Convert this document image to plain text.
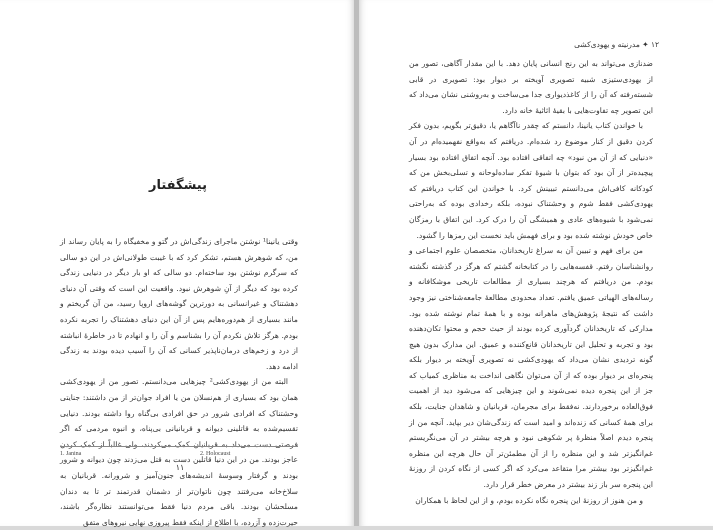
پیشگفتار

وقتی یانینا¹ نوشتن ماجرای زندگی‌اش در گتو و مخفیگاه را به پایان رساند از من، که شوهرش هستم، تشکر کرد که با غیبت طولانی‌اش در این دو سالی که سرگرم نوشتن بود ساخته‌ام. دو سالی که او بار دیگر در دنیایی زندگی کرده بود که دیگر از آنِ شوهرش نبود. واقعیت این است که وقتی آن دنیای دهشتناک و غیرانسانی به دورترین گوشه‌های اروپا رسید، من آن گریختم و مانند بسیاری از هم‌دوره‌هایم پس از آن این دنیای دهشتناک را تجربه نکرده بودم. هرگز تلاش نکردم آن را بشناسم و آن را و انهادم تا در خاطرهٔ انباشته از درد و زخم‌های درمان‌ناپذیر کسانی که آن را آسیب دیده بودند به زندگی ادامه دهد.

البته من از یهودی‌کشی² چیزهایی می‌دانستم. تصور من از یهودی‌کشی همان بود که بسیاری از هم‌نسلان من یا افراد جوان‌تر از من داشتند: جنایتی وحشتناک که افرادی شرور در حق افرادی بی‌گناه روا داشته بودند. دنیایی تقسیم‌شده به قاتلینی دیوانه و قربانیانی بی‌پناه، و انبوه مردمی که اگر فرصتی دست می‌داد به قربانیان کمک می‌کردند، ولی غالباً از کمک کردن عاجز بودند. من در این دنیا قاتلین دست به قتل می‌زدند چون دیوانه و شرور بودند و گرفتار وسوسهٔ اندیشه‌های جنون‌آمیز و شرورانه. قربانیان به سلاخ‌خانه می‌رفتند چون ناتوان‌تر از دشمنان قدرتمند تر تا به دندان مسلحشان بودند. باقی مردم دنیا فقط می‌توانستند نظاره‌گر باشند، حیرت‌زده و آزرده، با اطلاع از اینکه فقط پیروزی نهایی نیروهای متفق

1. Janina	2. Holocaust
۱۱
۱۲ ✦ مدرنیته و یهودی‌کشی

ضدنازی می‌تواند به این رنج انسانی پایان دهد. با این مقدار آگاهی، تصور من از یهودی‌ستیزی شبیه تصویری آویخته بر دیوار بود: تصویری در قابی شسته‌رفته که آن را از کاغذدیواری جدا می‌ساخت و به‌روشنی نشان می‌داد که این تصویر چه تفاوت‌هایی با بقیهٔ اثاثیهٔ خانه دارد.

با خواندن کتاب یانینا، دانستم که چقدر ناآگاهم یا، دقیق‌تر بگویم، بدون فکر کردن دقیق از کنار موضوع رد شده‌ام. دریافتم که به‌واقع نفهمیده‌ام در آن «دنیایی که از آن من نبود» چه اتفاقی افتاده بود. آنچه اتفاق افتاده بود بسیار پیچیده‌تر از آن بود که بتوان با شیوهٔ تفکر ساده‌لوحانه و تسلی‌بخش من که کودکانه کافی‌اش می‌دانستم تبیینش کرد. با خواندن این کتاب دریافتم که یهودی‌کشی فقط شوم و وحشتناک نبوده، بلکه رخدادی بوده که به‌راحتی نمی‌شود با شیوه‌های عادی و همیشگی آن را درک کرد. این اتفاق با رمزگان خاص خودش نوشته شده بود و برای فهمش باید نخست این رمزها را گشود.

من برای فهم و تبیین آن به سراغ تاریخدانان، متخصصان علوم اجتماعی و روانشناسان رفتم. قفسه‌هایی را در کتابخانه گشتم که هرگز در گذشته نگشته بودم. من دریافتم که هرچند بسیاری از مطالعات تاریخی موشکافانه و رساله‌های الهیاتی عمیق یافتم. تعداد محدودی مطالعهٔ جامعه‌شناختی نیز وجود داشت که نتیجهٔ پژوهش‌های ماهرانه بوده و با همهٔ تمام نوشته شده بود. مدارکی که تاریخدانان گردآوری کرده بودند از حیث حجم و محتوا تکان‌دهنده بود و تجربه و تحلیل این تاریخدانان قانع‌کننده و عمیق. این مدارک بدون هیچ گونه تردیدی نشان می‌داد که یهودی‌کشی نه تصویری آویخته بر دیوار بلکه پنجره‌ای بر دیوار بوده که از آن می‌توان نگاهی انداخت به مناظری کمیاب که جز از این پنجره دیده نمی‌شوند و این چیزهایی که می‌شود دید از اهمیت فوق‌العاده برخوردارند. نه‌فقط برای مجرمان، قربانیان و شاهدان جنایت، بلکه برای همهٔ کسانی که زنده‌اند و امید است که زندگی‌شان دیر بپاید. آنچه من از پنجره دیدم اصلاً منظرهٔ پر ‌شکوهی نبود و هرچه بیشتر در آن می‌نگریستم غم‌انگیزتر شد و این منظره را از آن مطمئن‌تر آن حال هرچه این منظره غم‌انگیزتر بود بیشتر مرا متقاعد می‌کرد که اگر کسی از نگاه کردن از روزنهٔ این پنجره سر باز زند بیشتر در معرض خطر قرار دارد.

و من هنوز از روزنهٔ این پنجره نگاه نکرده بودم، و از این لحاظ با همکاران
